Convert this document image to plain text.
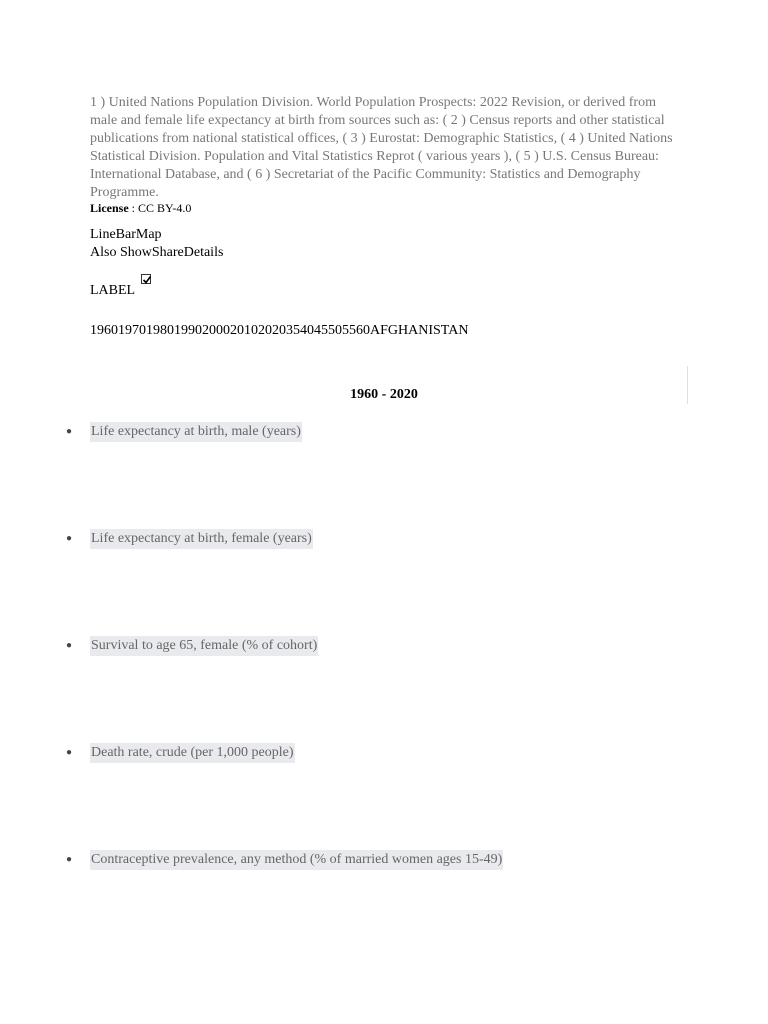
1 ) United Nations Population Division. World Population Prospects: 2022 Revision, or derived from male and female life expectancy at birth from sources such as: ( 2 ) Census reports and other statistical publications from national statistical offices, ( 3 ) Eurostat: Demographic Statistics, ( 4 ) United Nations Statistical Division. Population and Vital Statistics Reprot ( various years ), ( 5 ) U.S. Census Bureau: International Database, and ( 6 ) Secretariat of the Pacific Community: Statistics and Demography Programme.

License : CC BY-4.0
LineBarMap
Also ShowShareDetails
LABEL
1960197019801990200020102020354045505560AFGHANISTAN
1960 - 2020
● Life expectancy at birth, male (years)
● Life expectancy at birth, female (years)
● Survival to age 65, female (% of cohort)
● Death rate, crude (per 1,000 people)
● Contraceptive prevalence, any method (% of married women ages 15-49)
